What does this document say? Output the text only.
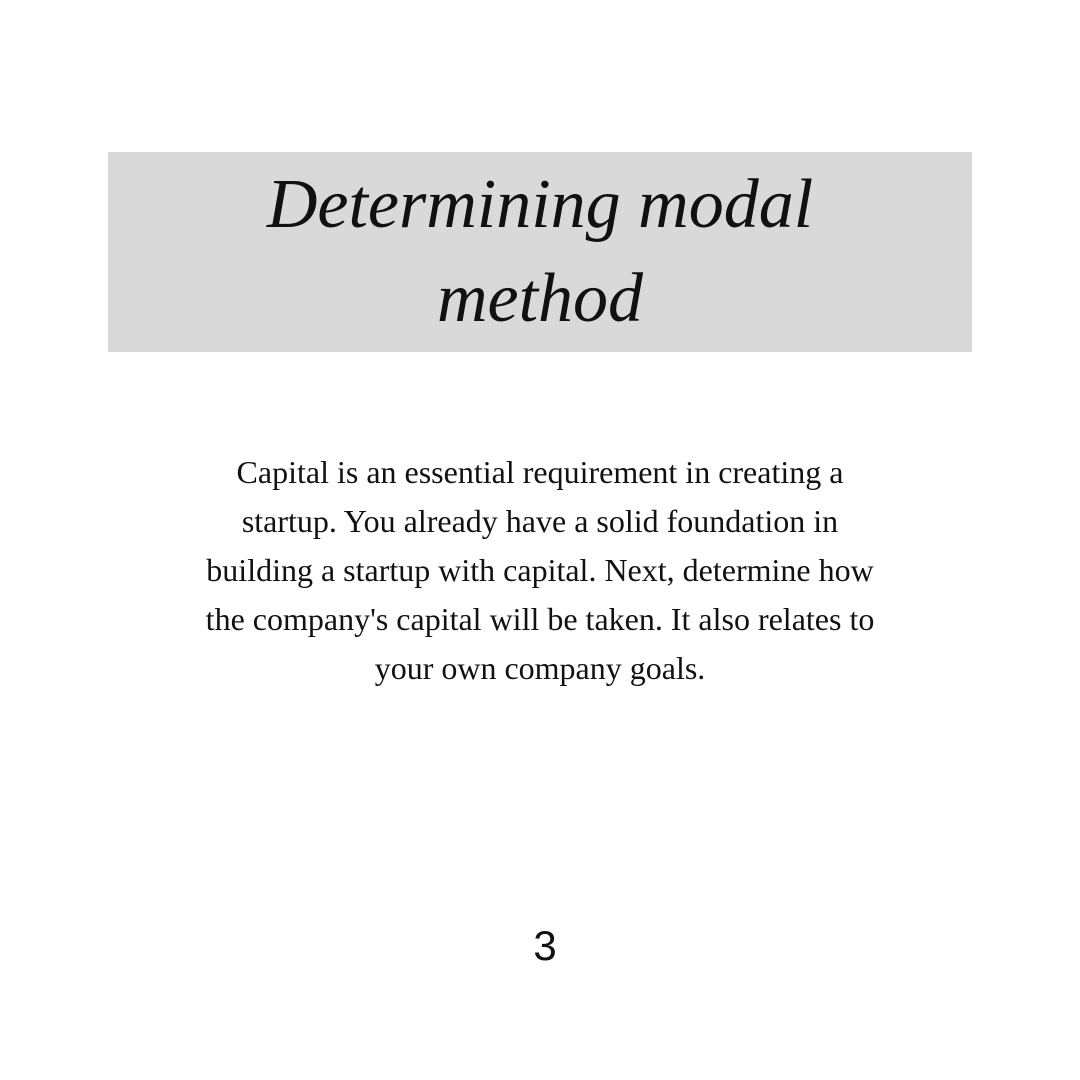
Determining modal method

Capital is an essential requirement in creating a startup. You already have a solid foundation in building a startup with capital. Next, determine how the company's capital will be taken. It also relates to your own company goals.

3
